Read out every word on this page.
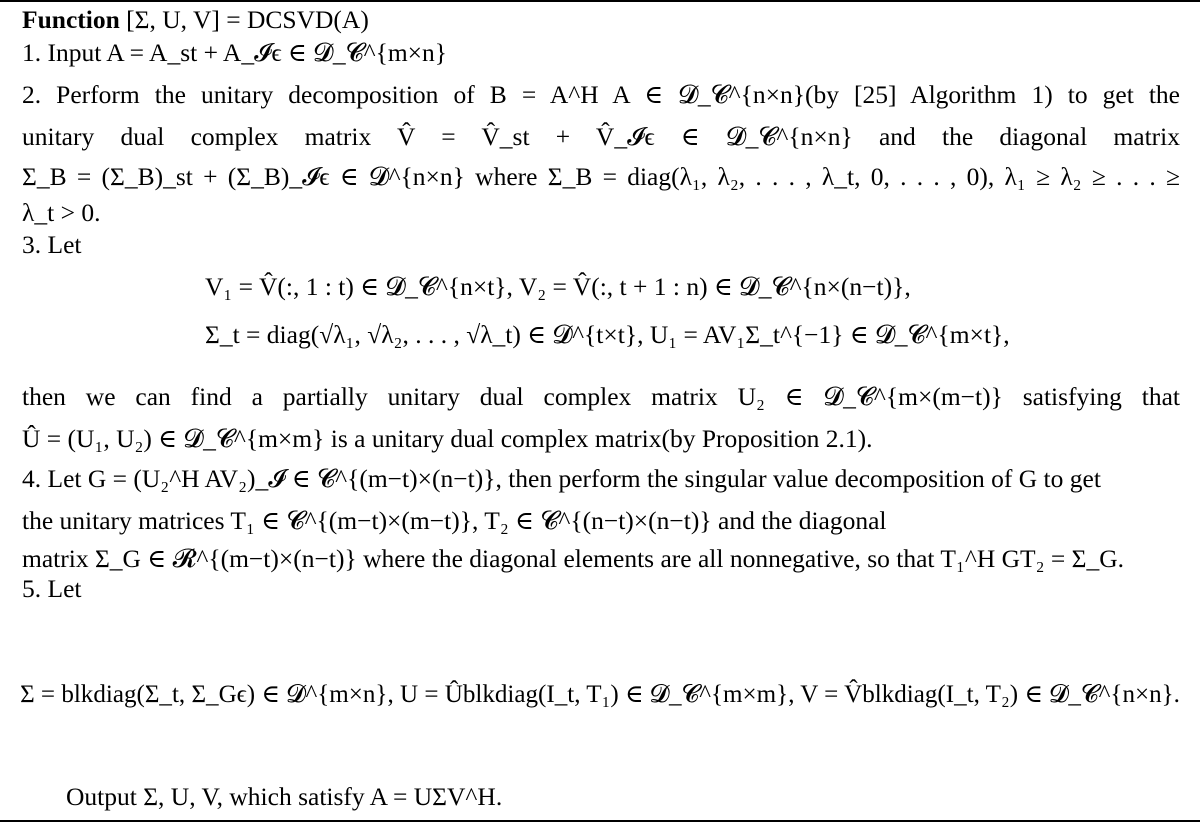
Function [Σ, U, V] = DCSVD(A)
1. Input A = A_st + A_𝓘ϵ ∈ 𝓓_𝓒^{m×n}
2. Perform the unitary decomposition of B = A^H A ∈ 𝓓_𝓒^{n×n}(by [25] Algorithm 1) to get the
unitary dual complex matrix V̂ = V̂_st + V̂_𝓘ϵ ∈ 𝓓_𝓒^{n×n} and the diagonal matrix
Σ_B = (Σ_B)_st + (Σ_B)_𝓘ϵ ∈ 𝓓^{n×n} where Σ_B = diag(λ₁, λ₂, . . . , λ_t, 0, . . . , 0), λ₁ ≥ λ₂ ≥ . . . ≥
λ_t > 0.
3. Let
V₁ = V̂(:, 1 : t) ∈ 𝓓_𝓒^{n×t}, V₂ = V̂(:, t + 1 : n) ∈ 𝓓_𝓒^{n×(n−t)},
Σ_t = diag(√λ₁, √λ₂, . . . , √λ_t) ∈ 𝓓^{t×t}, U₁ = AV₁Σ_t^{−1} ∈ 𝓓_𝓒^{m×t},
then we can find a partially unitary dual complex matrix U₂ ∈ 𝓓_𝓒^{m×(m−t)} satisfying that
Û = (U₁, U₂) ∈ 𝓓_𝓒^{m×m} is a unitary dual complex matrix(by Proposition 2.1).
4. Let G = (U₂^H AV₂)_𝓘 ∈ 𝓒^{(m−t)×(n−t)}, then perform the singular value decomposition of G to get
the unitary matrices T₁ ∈ 𝓒^{(m−t)×(m−t)}, T₂ ∈ 𝓒^{(n−t)×(n−t)} and the diagonal
matrix Σ_G ∈ 𝓡^{(m−t)×(n−t)} where the diagonal elements are all nonnegative, so that T₁^H GT₂ = Σ_G.
5. Let
Σ = blkdiag(Σ_t, Σ_Gϵ) ∈ 𝓓^{m×n}, U = Ûblkdiag(I_t, T₁) ∈ 𝓓_𝓒^{m×m}, V = V̂blkdiag(I_t, T₂) ∈ 𝓓_𝓒^{n×n}.
Output Σ, U, V, which satisfy A = UΣV^H.
